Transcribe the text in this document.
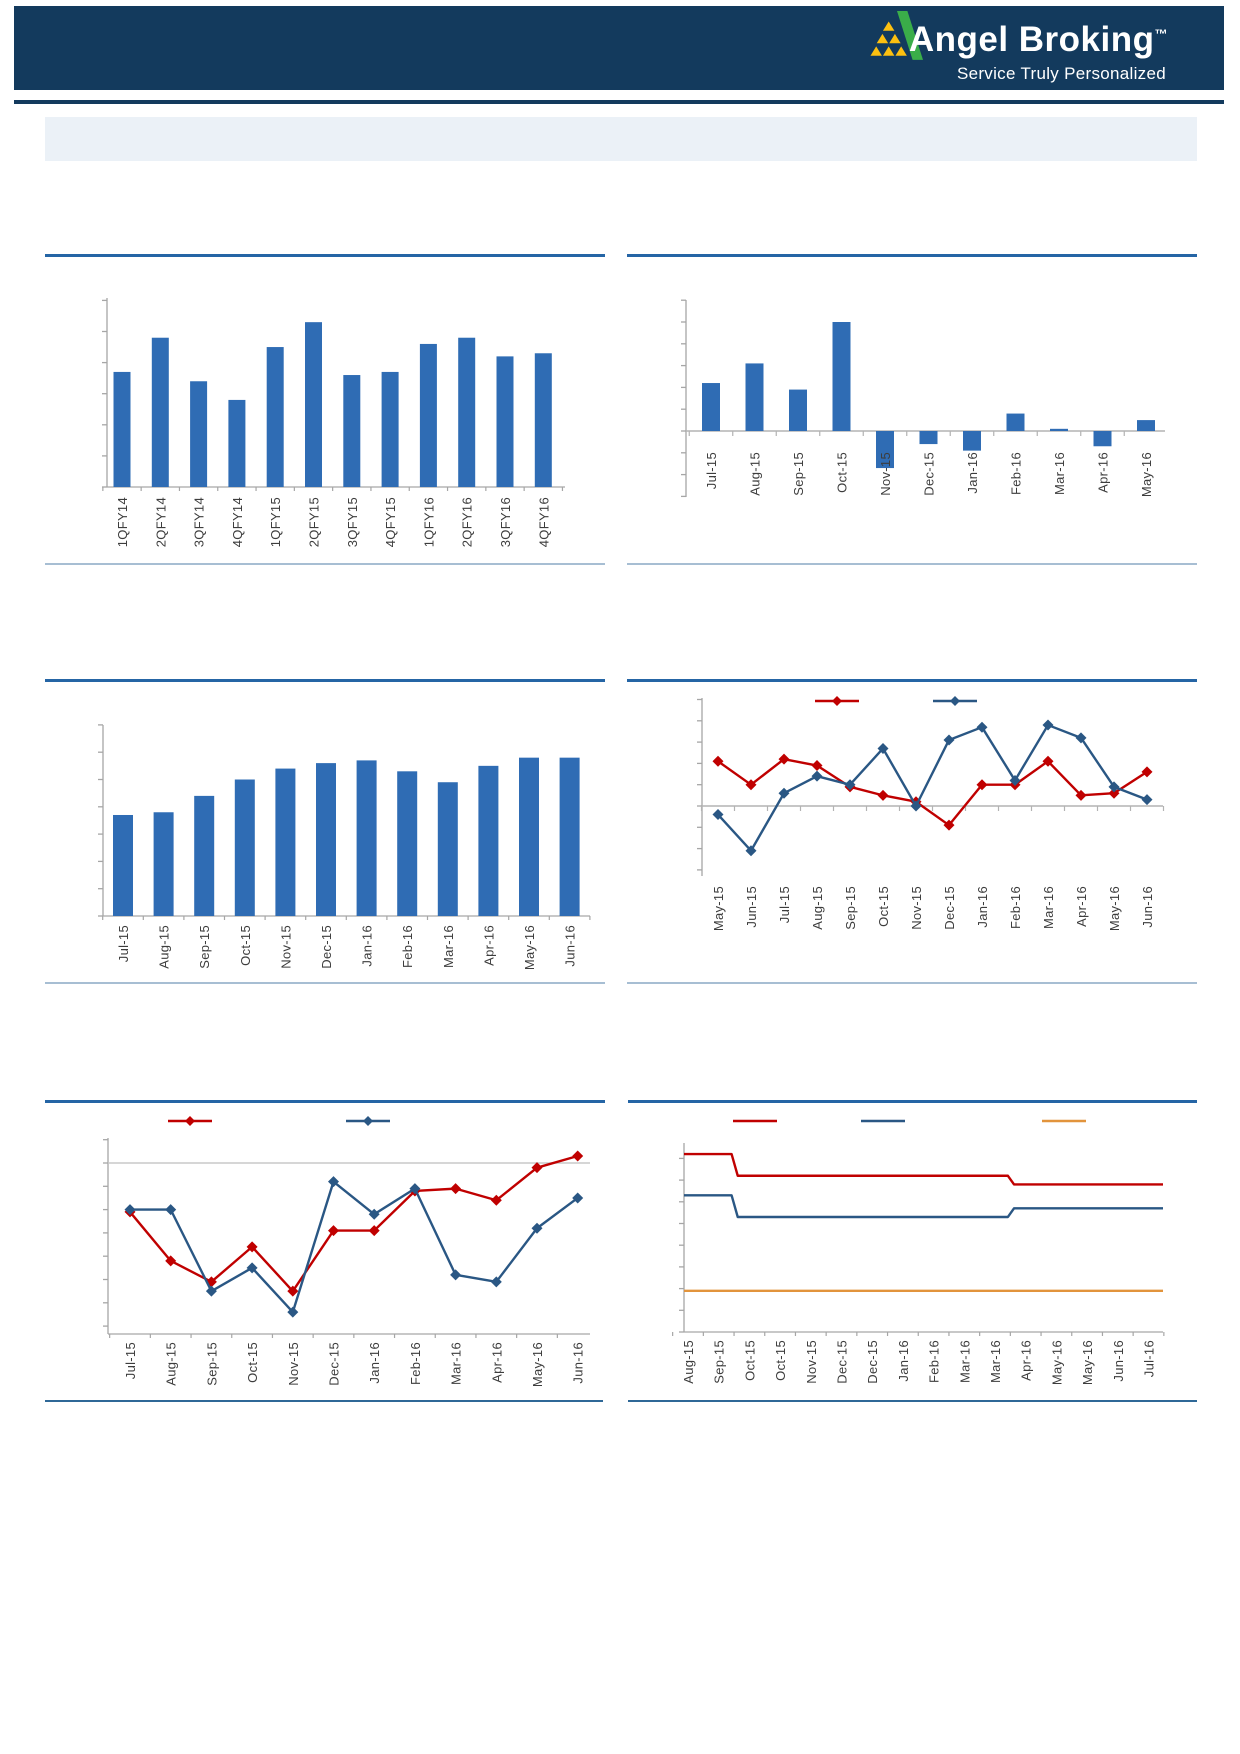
Angel Broking™
Service Truly Personalized
1QFY14 2QFY14 3QFY14 4QFY14 1QFY15 2QFY15 3QFY15 4QFY15 1QFY16 2QFY16 3QFY16 4QFY16
Jul-15 Aug-15 Sep-15 Oct-15 Nov-15 Dec-15 Jan-16 Feb-16 Mar-16 Apr-16 May-16
Jul-15 Aug-15 Sep-15 Oct-15 Nov-15 Dec-15 Jan-16 Feb-16 Mar-16 Apr-16 May-16 Jun-16
May-15 Jun-15 Jul-15 Aug-15 Sep-15 Oct-15 Nov-15 Dec-15 Jan-16 Feb-16 Mar-16 Apr-16 May-16 Jun-16
Jul-15 Aug-15 Sep-15 Oct-15 Nov-15 Dec-15 Jan-16 Feb-16 Mar-16 Apr-16 May-16 Jun-16	Aug-15 Sep-15 Oct-15 Oct-15 Nov-15 Dec-15 Dec-15 Jan-16 Feb-16 Mar-16 Mar-16 Apr-16 May-16 May-16 Jun-16 Jul-16
